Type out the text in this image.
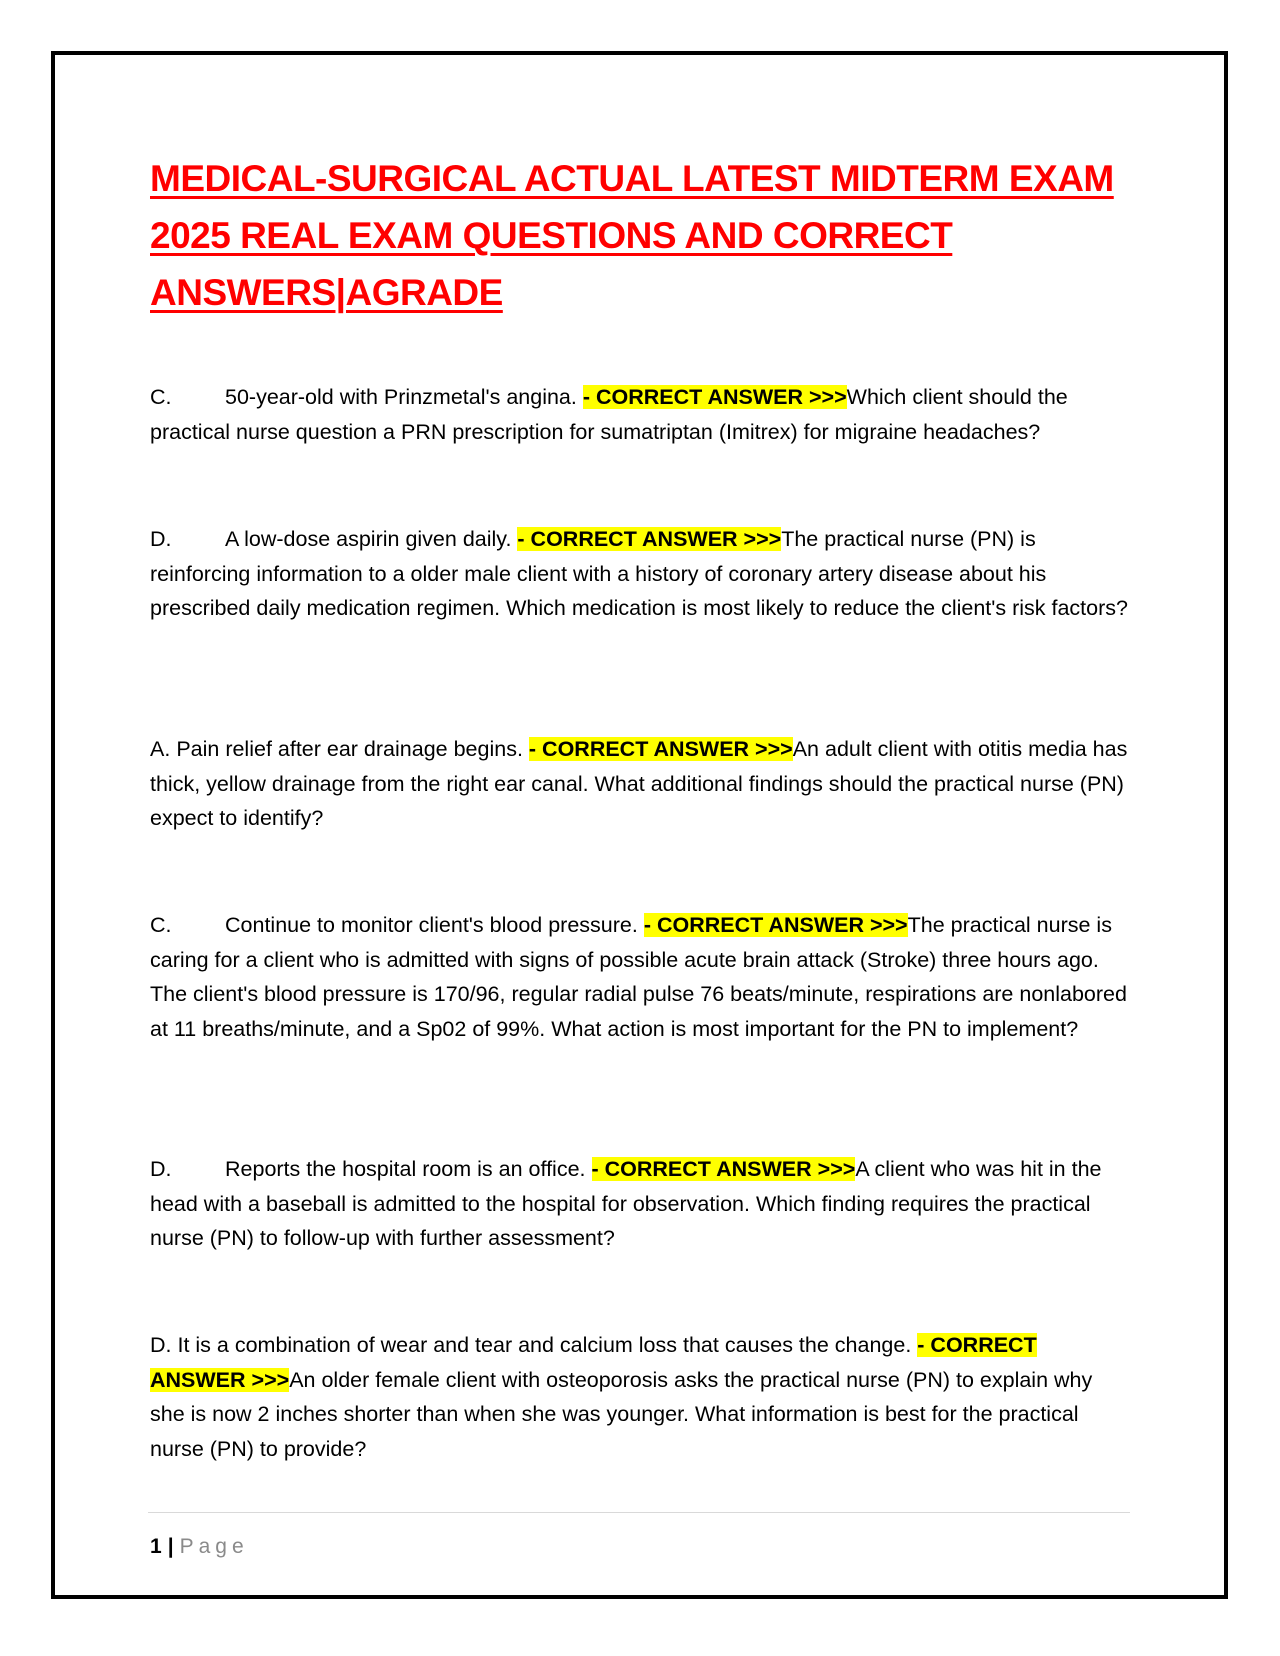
MEDICAL-SURGICAL ACTUAL LATEST MIDTERM EXAM 2025 REAL EXAM QUESTIONS AND CORRECT ANSWERS|AGRADE

C. 50-year-old with Prinzmetal's angina. - CORRECT ANSWER >>>Which client should the practical nurse question a PRN prescription for sumatriptan (Imitrex) for migraine headaches?

D. A low-dose aspirin given daily. - CORRECT ANSWER >>>The practical nurse (PN) is reinforcing information to a older male client with a history of coronary artery disease about his prescribed daily medication regimen. Which medication is most likely to reduce the client's risk factors?

A. Pain relief after ear drainage begins. - CORRECT ANSWER >>>An adult client with otitis media has thick, yellow drainage from the right ear canal. What additional findings should the practical nurse (PN) expect to identify?

C. Continue to monitor client's blood pressure. - CORRECT ANSWER >>>The practical nurse is caring for a client who is admitted with signs of possible acute brain attack (Stroke) three hours ago. The client's blood pressure is 170/96, regular radial pulse 76 beats/minute, respirations are nonlabored at 11 breaths/minute, and a Sp02 of 99%. What action is most important for the PN to implement?

D. Reports the hospital room is an office. - CORRECT ANSWER >>>A client who was hit in the head with a baseball is admitted to the hospital for observation. Which finding requires the practical nurse (PN) to follow-up with further assessment?

D. It is a combination of wear and tear and calcium loss that causes the change. - CORRECT ANSWER >>>An older female client with osteoporosis asks the practical nurse (PN) to explain why she is now 2 inches shorter than when she was younger. What information is best for the practical nurse (PN) to provide?

1 | Page
